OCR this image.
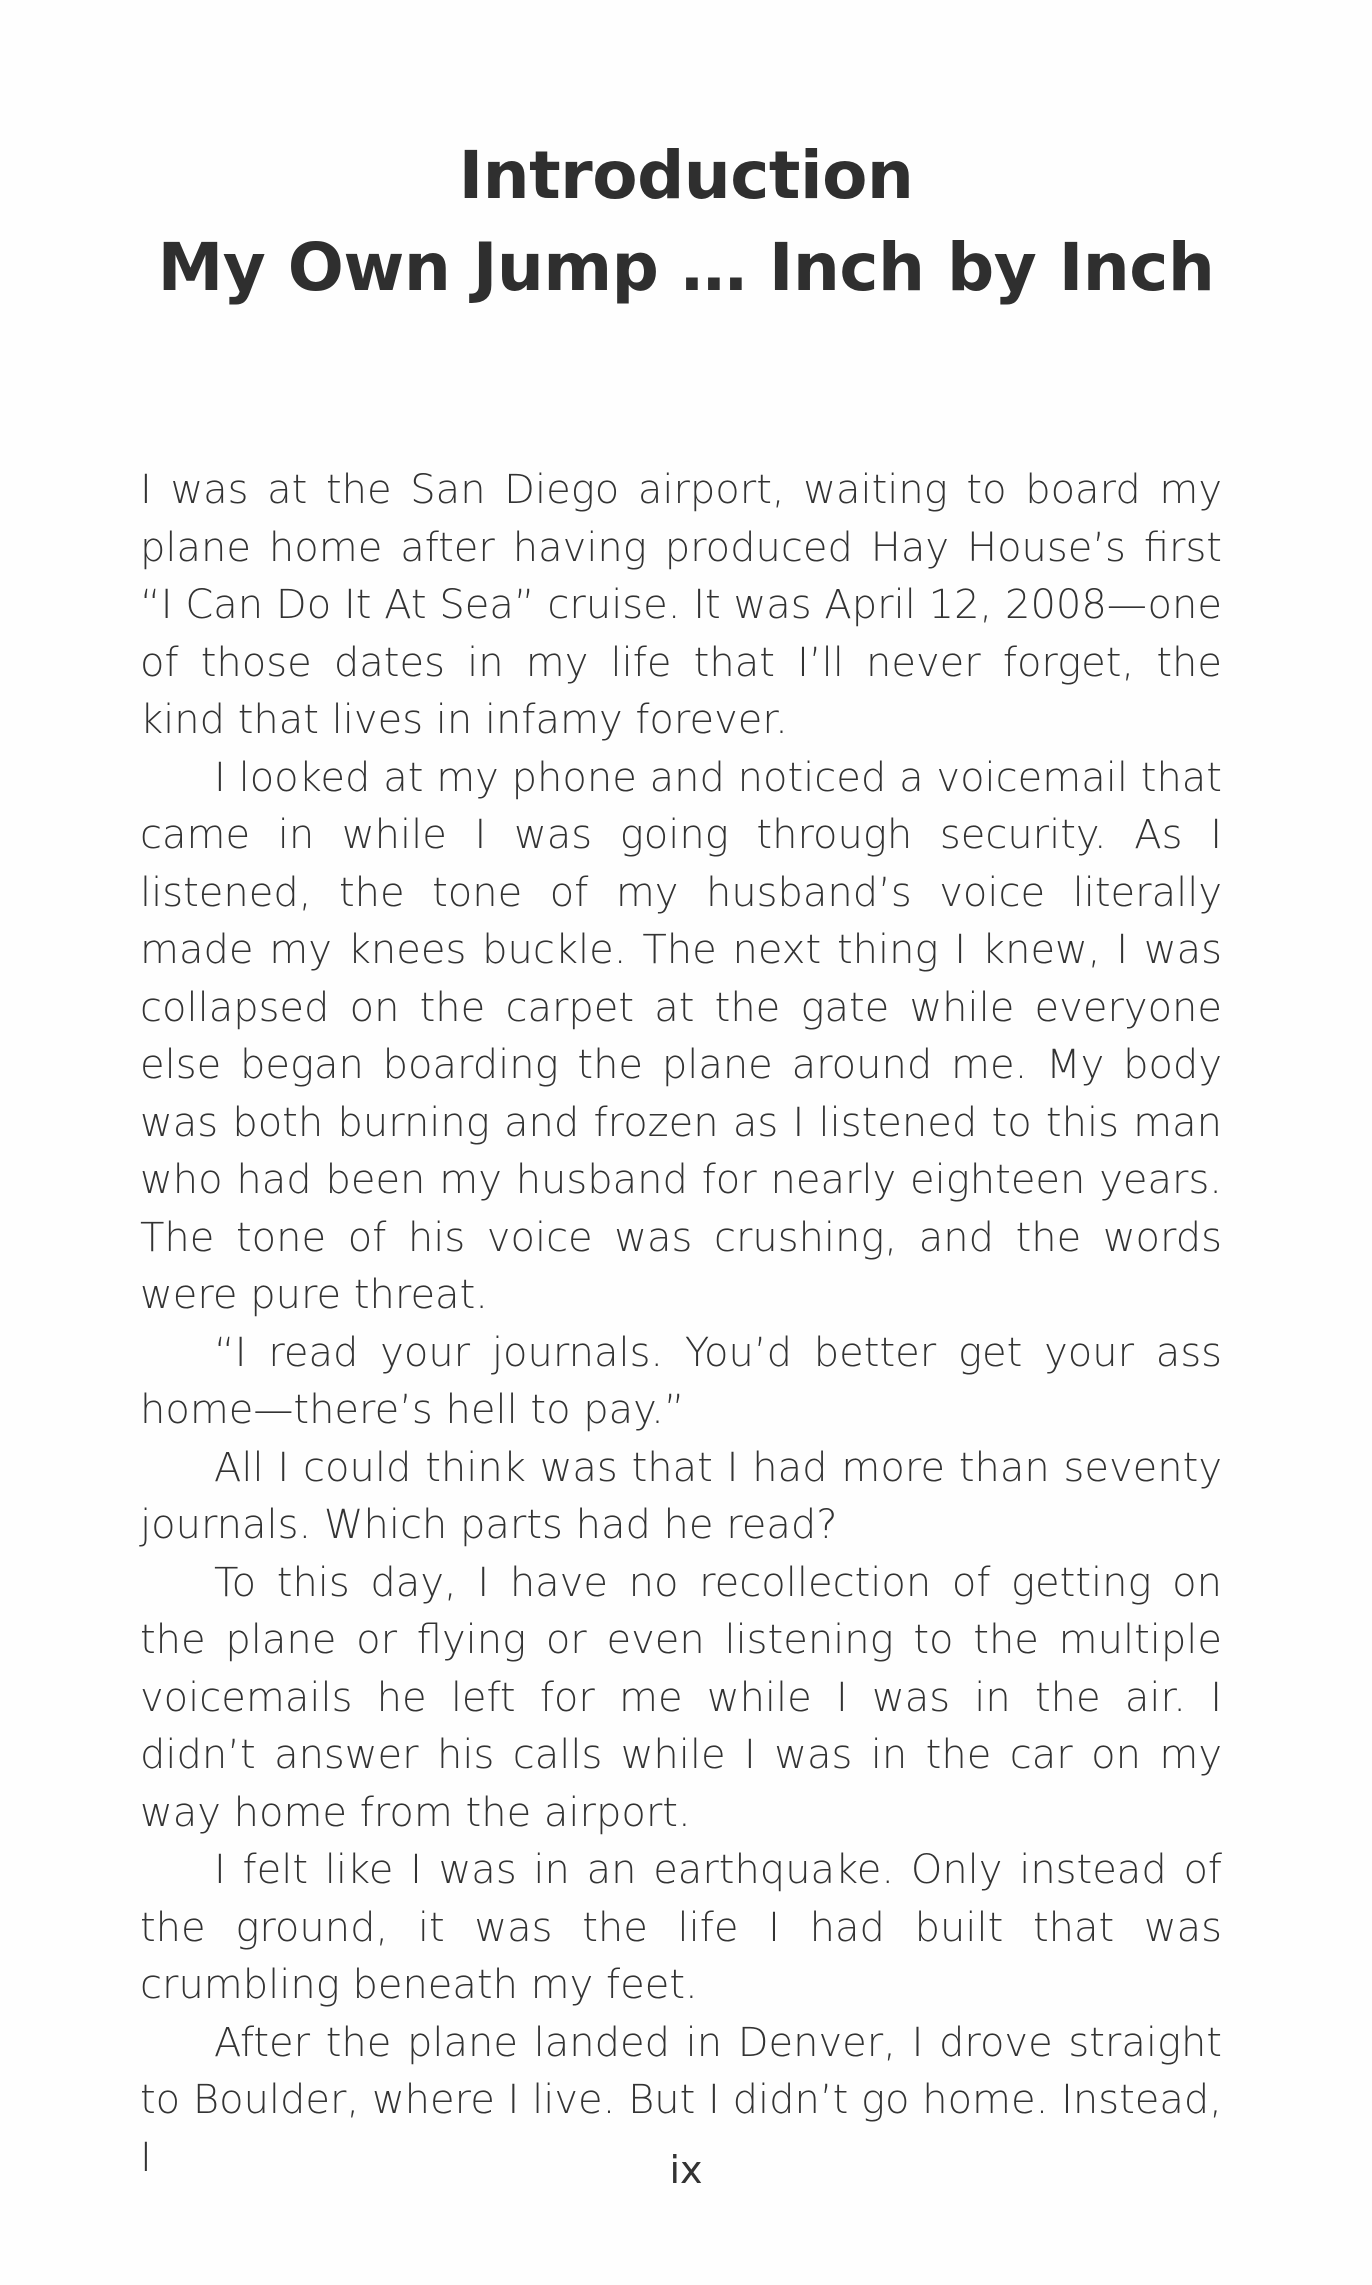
Introduction
My Own Jump … Inch by Inch

I was at the San Diego airport, waiting to board my plane home after having produced Hay House’s first “I Can Do It At Sea” cruise. It was April 12, 2008—one of those dates in my life that I’ll never forget, the kind that lives in infamy forever.

I looked at my phone and noticed a voicemail that came in while I was going through security. As I listened, the tone of my husband’s voice literally made my knees buckle. The next thing I knew, I was collapsed on the carpet at the gate while everyone else began boarding the plane around me. My body was both burning and frozen as I listened to this man who had been my husband for nearly eighteen years. The tone of his voice was crushing, and the words were pure threat.

“I read your journals. You’d better get your ass home—there’s hell to pay.”

All I could think was that I had more than seventy journals. Which parts had he read?

To this day, I have no recollection of getting on the plane or flying or even listening to the multiple voicemails he left for me while I was in the air. I didn’t answer his calls while I was in the car on my way home from the airport.

I felt like I was in an earthquake. Only instead of the ground, it was the life I had built that was crumbling beneath my feet.

After the plane landed in Denver, I drove straight to Boulder, where I live. But I didn’t go home. Instead, I	ix
